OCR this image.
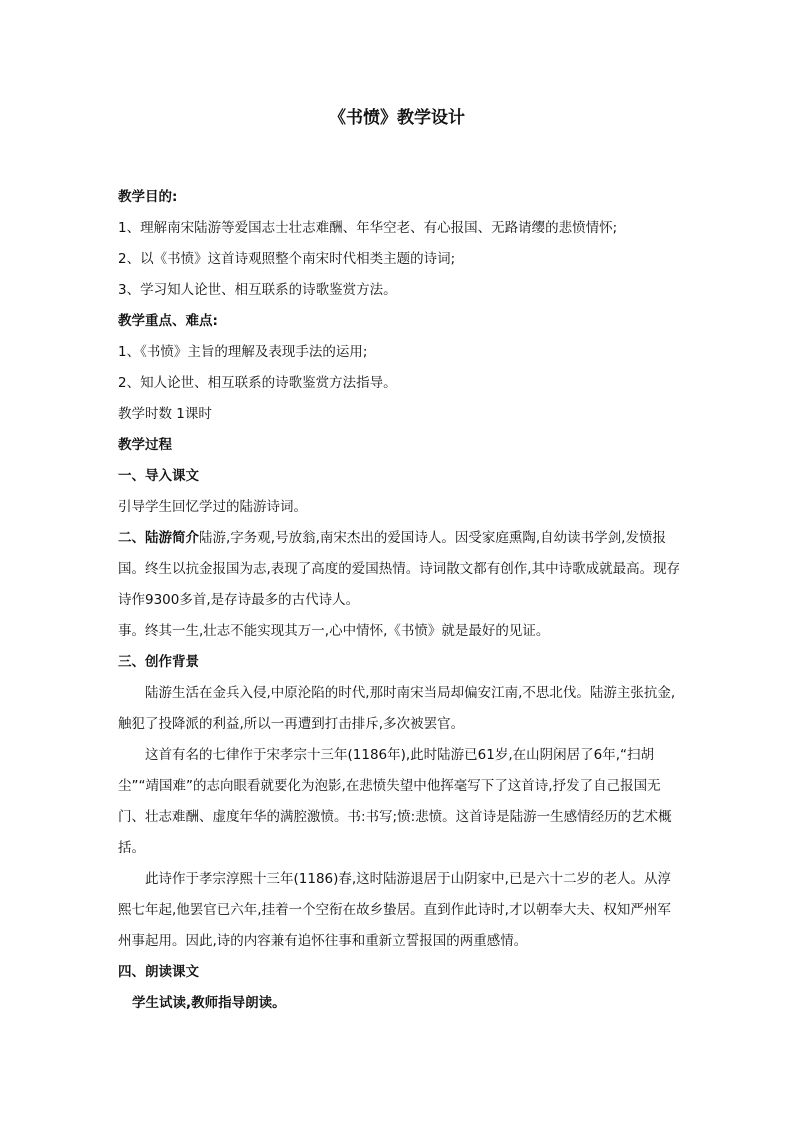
《书愤》教学设计
教学目的:
1、理解南宋陆游等爱国志士壮志难酬、年华空老、有心报国、无路请缨的悲愤情怀;
2、以《书愤》这首诗观照整个南宋时代相类主题的诗词;
3、学习知人论世、相互联系的诗歌鉴赏方法。
教学重点、难点:
1、《书愤》主旨的理解及表现手法的运用;
2、知人论世、相互联系的诗歌鉴赏方法指导。
教学时数 1课时
教学过程
一、导入课文
引导学生回忆学过的陆游诗词。
二、陆游简介陆游,字务观,号放翁,南宋杰出的爱国诗人。因受家庭熏陶,自幼读书学剑,发愤报国。终生以抗金报国为志,表现了高度的爱国热情。诗词散文都有创作,其中诗歌成就最高。现存诗作9300多首,是存诗最多的古代诗人。
事。终其一生,壮志不能实现其万一,心中情怀,《书愤》就是最好的见证。
三、创作背景
陆游生活在金兵入侵,中原沦陷的时代,那时南宋当局却偏安江南,不思北伐。陆游主张抗金,触犯了投降派的利益,所以一再遭到打击排斥,多次被罢官。
这首有名的七律作于宋孝宗十三年(1186年),此时陆游已61岁,在山阴闲居了6年,“扫胡尘”“靖国难”的志向眼看就要化为泡影,在悲愤失望中他挥毫写下了这首诗,抒发了自己报国无门、壮志难酬、虚度年华的满腔激愤。书:书写;愤:悲愤。这首诗是陆游一生感情经历的艺术概括。
此诗作于孝宗淳熙十三年(1186)春,这时陆游退居于山阴家中,已是六十二岁的老人。从淳熙七年起,他罢官已六年,挂着一个空衔在故乡蛰居。直到作此诗时,才以朝奉大夫、权知严州军州事起用。因此,诗的内容兼有追怀往事和重新立誓报国的两重感情。
四、朗读课文
学生试读,教师指导朗读。
